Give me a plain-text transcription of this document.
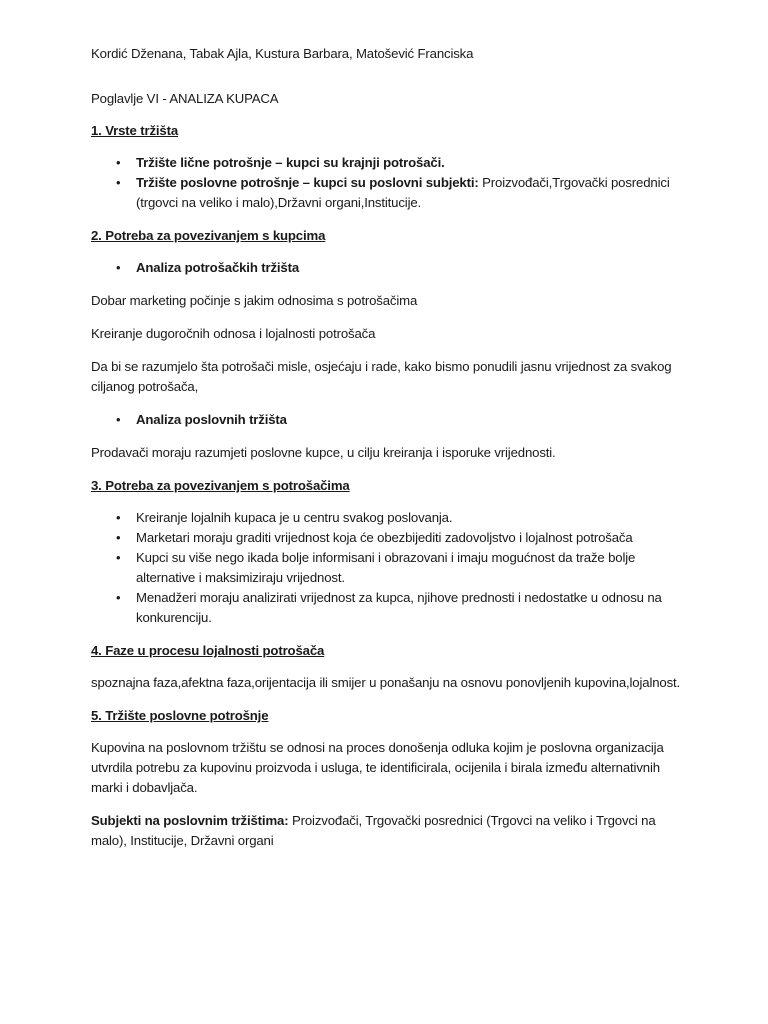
Kordić Dženana, Tabak Ajla, Kustura Barbara, Matošević Franciska

Poglavlje VI - ANALIZA KUPACA

1. Vrste tržišta

•	Tržište lične potrošnje – kupci su krajnji potrošači.
•	Tržište poslovne potrošnje – kupci su poslovni subjekti: Proizvođači,Trgovački posrednici (trgovci na veliko i malo),Državni organi,Institucije.

2. Potreba za povezivanjem s kupcima

•	Analiza potrošačkih tržišta

Dobar marketing počinje s jakim odnosima s potrošačima

Kreiranje dugoročnih odnosa i lojalnosti potrošača

Da bi se razumjelo šta potrošači misle, osjećaju i rade, kako bismo ponudili jasnu vrijednost za svakog ciljanog potrošača,

•	Analiza poslovnih tržišta

Prodavači moraju razumjeti poslovne kupce, u cilju kreiranja i isporuke vrijednosti.

3. Potreba za povezivanjem s potrošačima

•	Kreiranje lojalnih kupaca je u centru svakog poslovanja.
•	Marketari moraju graditi vrijednost koja će obezbijediti zadovoljstvo i lojalnost potrošača
•	Kupci su više nego ikada bolje informisani i obrazovani i imaju mogućnost da traže bolje alternative i maksimiziraju vrijednost.
•	Menadžeri moraju analizirati vrijednost za kupca, njihove prednosti i nedostatke u odnosu na konkurenciju.

4. Faze u procesu lojalnosti potrošača

spoznajna faza,afektna faza,orijentacija ili smijer u ponašanju na osnovu ponovljenih kupovina,lojalnost.

5. Tržište poslovne potrošnje

Kupovina na poslovnom tržištu se odnosi na proces donošenja odluka kojim je poslovna organizacija utvrdila potrebu za kupovinu proizvoda i usluga, te identificirala, ocijenila i birala između alternativnih marki i dobavljača.

Subjekti na poslovnim tržištima: Proizvođači, Trgovački posrednici (Trgovci na veliko i Trgovci na malo), Institucije, Državni organi
